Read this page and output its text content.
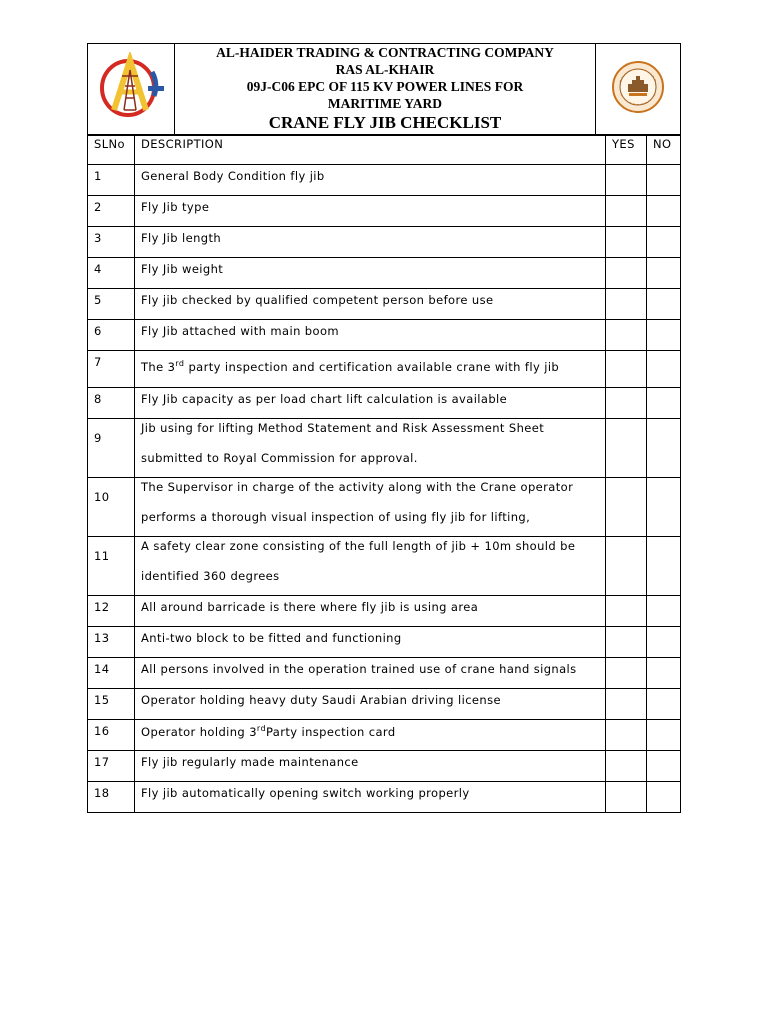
AL-HAIDER TRADING & CONTRACTING COMPANY
RAS AL-KHAIR
09J-C06 EPC OF 115 KV POWER LINES FOR
MARITIME YARD
CRANE FLY JIB CHECKLIST

SLNo	DESCRIPTION	YES	NO

1	General Body Condition fly jib		

2	Fly Jib type		

3	Fly Jib length		

4	Fly Jib weight		

5	Fly jib checked by qualified competent person before use		

6	Fly Jib attached with main boom		

7	The 3rd party inspection and certification available crane with fly jib		

8	Fly Jib capacity as per load chart lift calculation is available		

9	Jib using for lifting Method Statement and Risk Assessment Sheet submitted to Royal Commission for approval.		

10	The Supervisor in charge of the activity along with the Crane operator performs a thorough visual inspection of using fly jib for lifting,		

11	A safety clear zone consisting of the full length of jib + 10m should be identified 360 degrees		

12	All around barricade is there where fly jib is using area		

13	Anti-two block to be fitted and functioning		

14	All persons involved in the operation trained use of crane hand signals		

15	Operator holding heavy duty Saudi Arabian driving license		

16	Operator holding 3rdParty inspection card		

17	Fly jib regularly made maintenance		

18	Fly jib automatically opening switch working properly		
